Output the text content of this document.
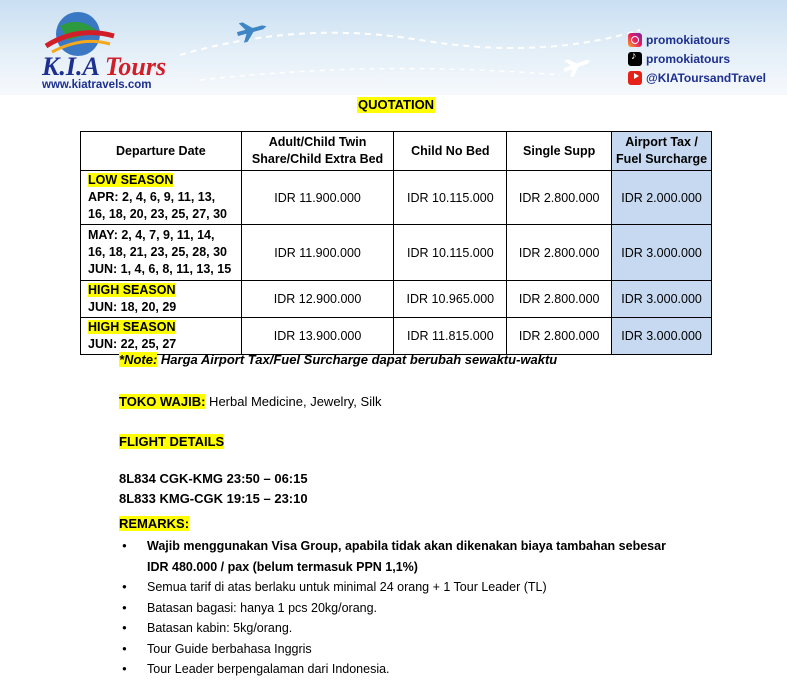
K.I.A Tours
www.kiatravels.com
promokiatours
♪
promokiatours
@KIAToursandTravel
QUOTATION
Departure Date	Adult/Child Twin
Share/Child Extra Bed	Child No Bed	Single Supp	Airport Tax /
Fuel Surcharge
LOW SEASON
APR: 2, 4, 6, 9, 11, 13,
16, 18, 20, 23, 25, 27, 30	IDR 11.900.000	IDR 10.115.000	IDR 2.800.000	IDR 2.000.000
MAY: 2, 4, 7, 9, 11, 14,
16, 18, 21, 23, 25, 28, 30
JUN: 1, 4, 6, 8, 11, 13, 15	IDR 11.900.000	IDR 10.115.000	IDR 2.800.000	IDR 3.000.000
HIGH SEASON
JUN: 18, 20, 29	IDR 12.900.000	IDR 10.965.000	IDR 2.800.000	IDR 3.000.000
HIGH SEASON
JUN: 22, 25, 27	IDR 13.900.000	IDR 11.815.000	IDR 2.800.000	IDR 3.000.000
*Note: Harga Airport Tax/Fuel Surcharge dapat berubah sewaktu-waktu
TOKO WAJIB: Herbal Medicine, Jewelry, Silk
FLIGHT DETAILS

8L834 CGK-KMG 23:50 – 06:15
8L833 KMG-CGK 19:15 – 23:10
REMARKS:
● Wajib menggunakan Visa Group, apabila tidak akan dikenakan biaya tambahan sebesar
IDR 480.000 / pax (belum termasuk PPN 1,1%)
● Semua tarif di atas berlaku untuk minimal 24 orang + 1 Tour Leader (TL)
● Batasan bagasi: hanya 1 pcs 20kg/orang.
● Batasan kabin: 5kg/orang.
● Tour Guide berbahasa Inggris
● Tour Leader berpengalaman dari Indonesia.
